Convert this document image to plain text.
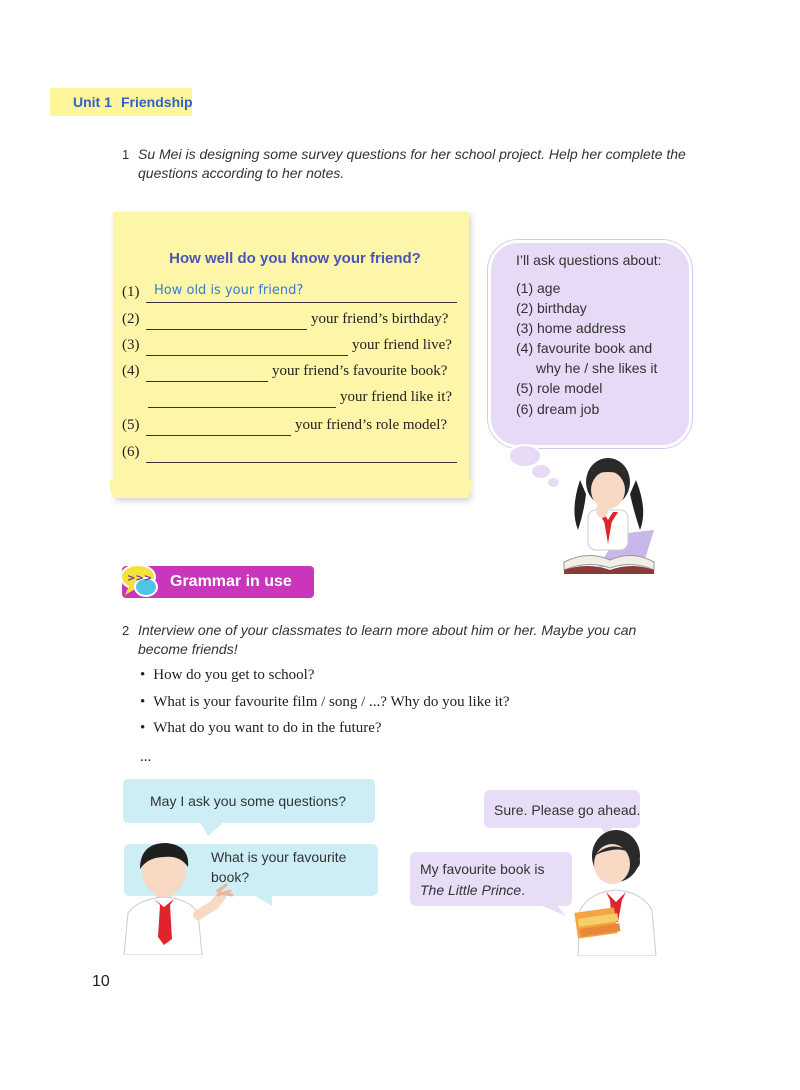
Unit 1 Friendship
1 Su Mei is designing some survey questions for her school project. Help her complete the
questions according to her notes.
How well do you know your friend?
(1) How old is your friend?
(2)	your friend’s birthday?
(3)	your friend live?
(4)	your friend’s favourite book?
your friend like it?
(5)	your friend’s role model?
(6)
I’ll ask questions about:
(1) age
(2) birthday
(3) home address
(4) favourite book and
why he / she likes it
(5) role model
(6) dream job
>>> Grammar in use
2 Interview one of your classmates to learn more about him or her. Maybe you can
become friends!
• How do you get to school?
• What is your favourite film / song / ...? Why do you like it?
• What do you want to do in the future?
...
May I ask you some questions?
Sure. Please go ahead.
What is your favourite
book?	My favourite book is
The Little Prince.
10
